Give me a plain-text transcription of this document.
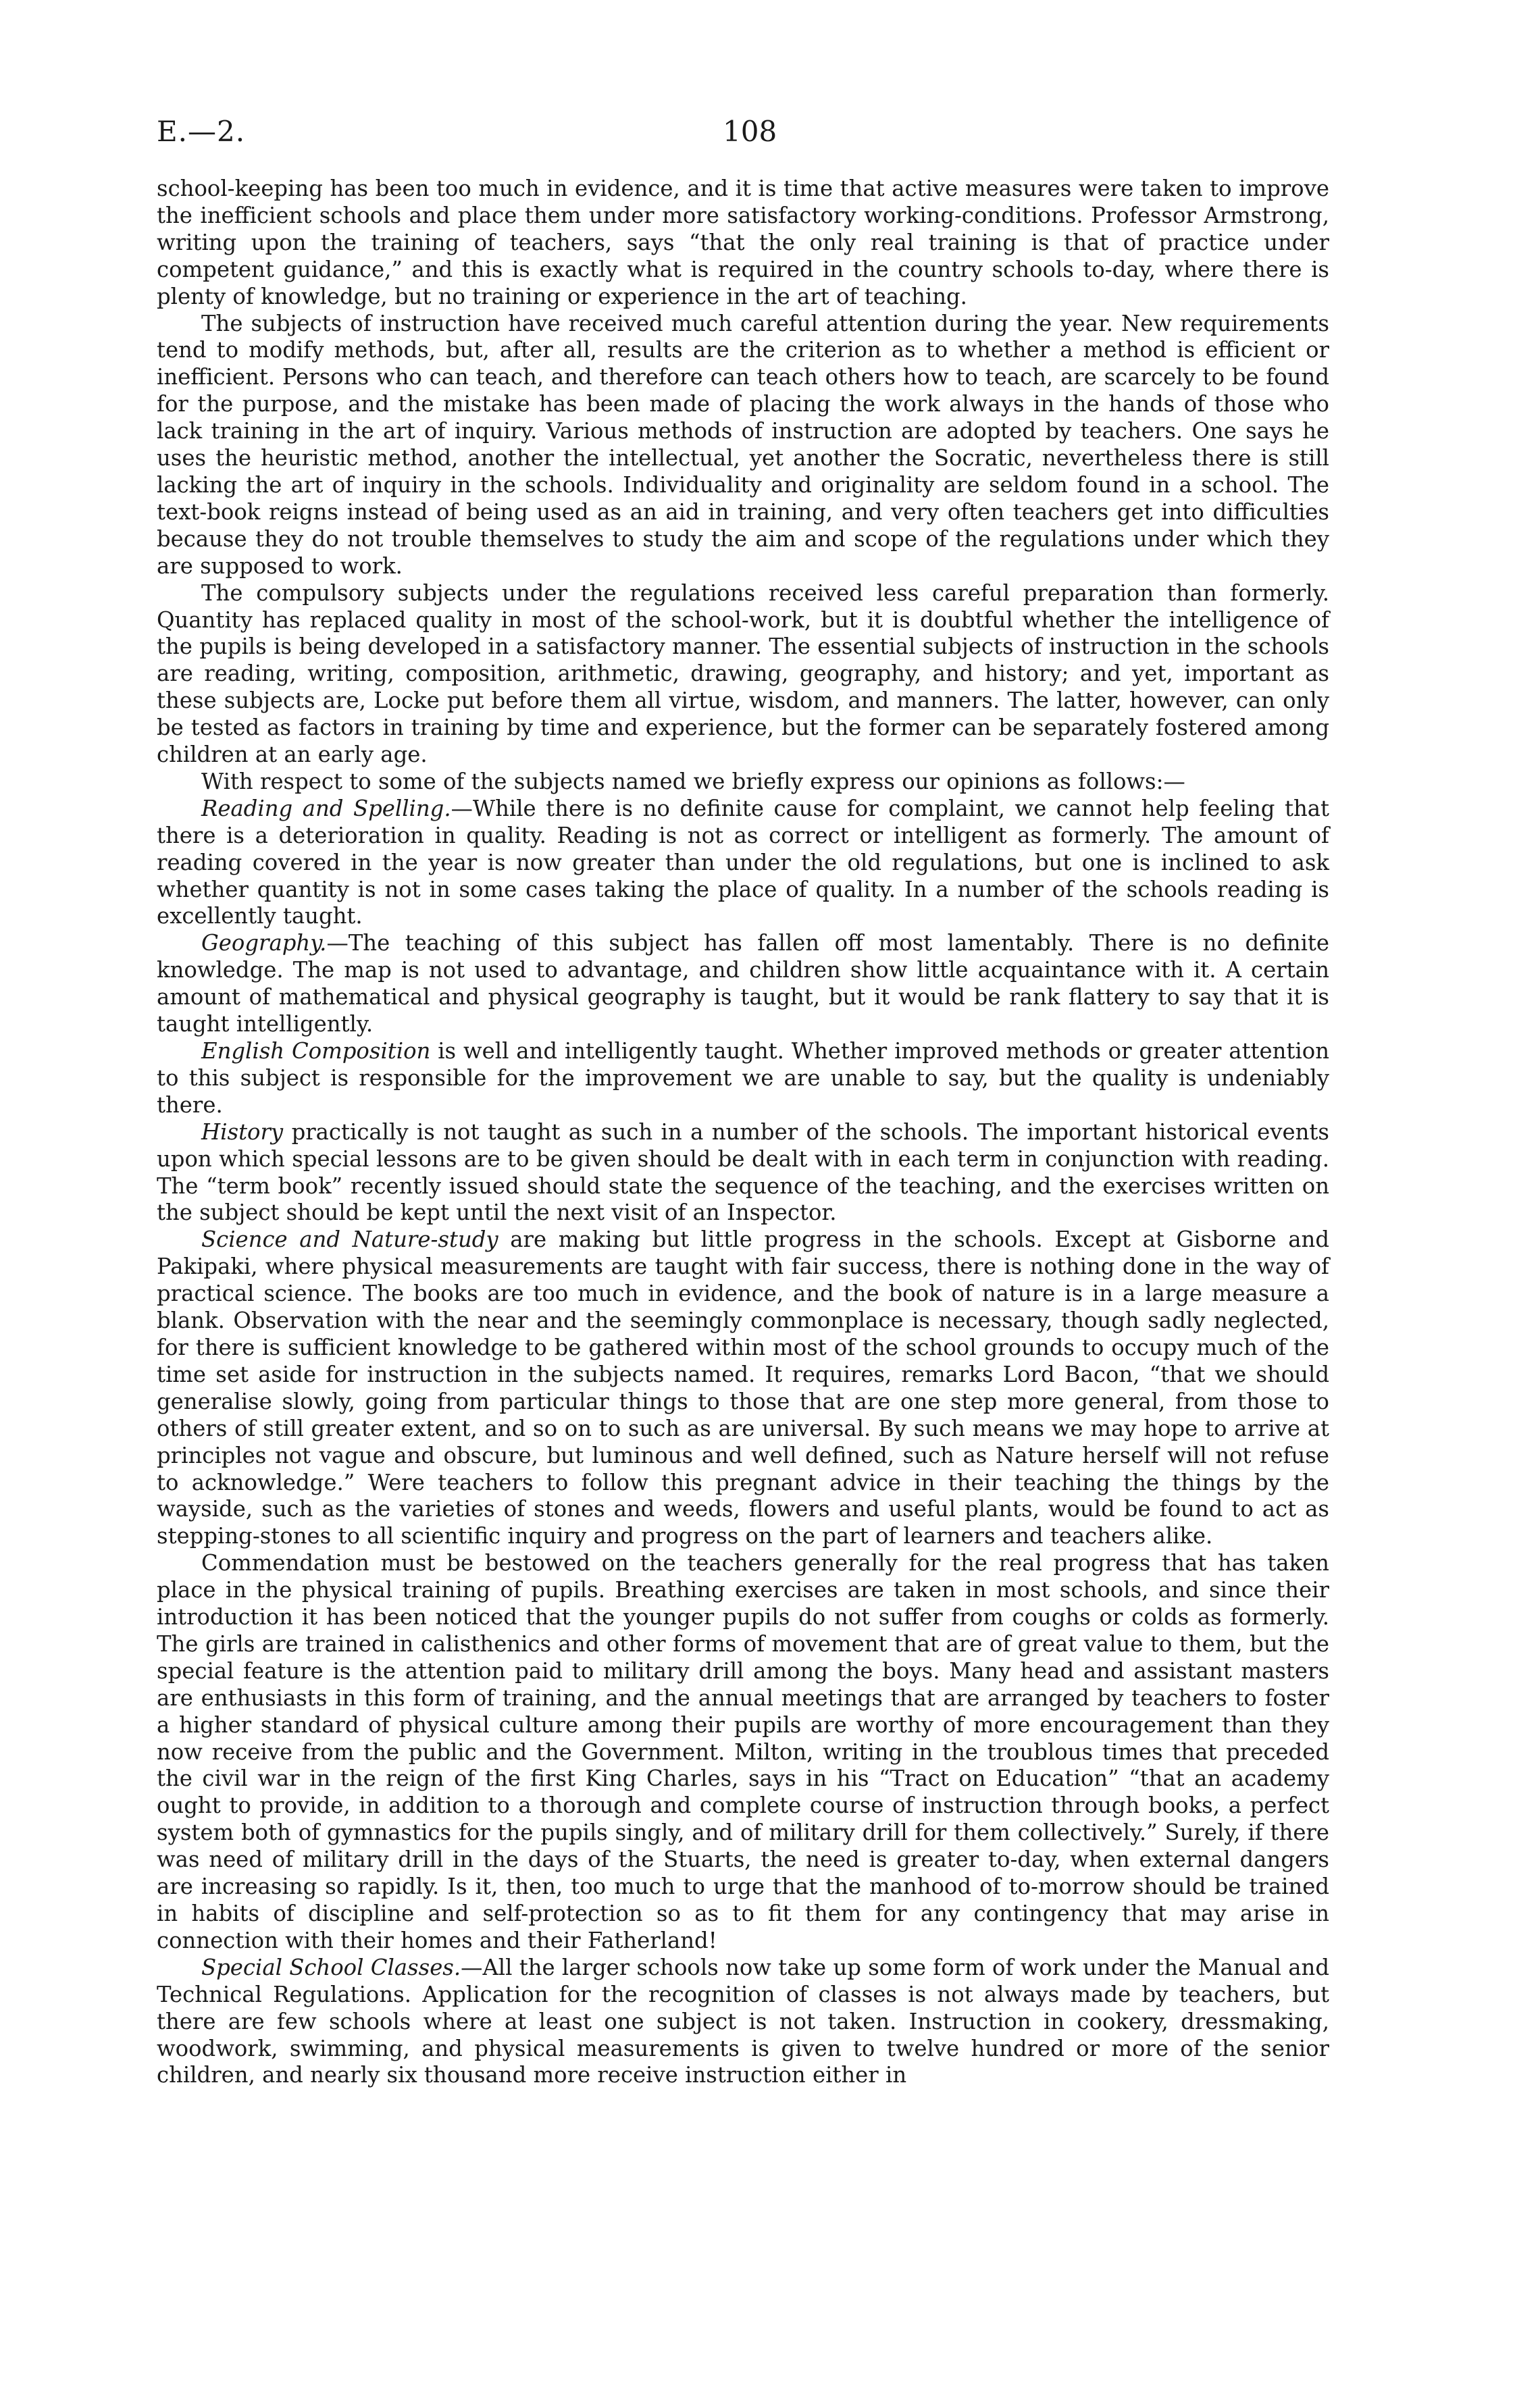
E.—2.	108

school-keeping has been too much in evidence, and it is time that active measures were taken to improve the inefficient schools and place them under more satisfactory working-conditions. Professor Armstrong, writing upon the training of teachers, says “that the only real training is that of practice under competent guidance,” and this is exactly what is required in the country schools to-day, where there is plenty of knowledge, but no training or experience in the art of teaching.

The subjects of instruction have received much careful attention during the year. New requirements tend to modify methods, but, after all, results are the criterion as to whether a method is efficient or inefficient. Persons who can teach, and therefore can teach others how to teach, are scarcely to be found for the purpose, and the mistake has been made of placing the work always in the hands of those who lack training in the art of inquiry. Various methods of instruction are adopted by teachers. One says he uses the heuristic method, another the intellectual, yet another the Socratic, nevertheless there is still lacking the art of inquiry in the schools. Individuality and originality are seldom found in a school. The text-book reigns instead of being used as an aid in training, and very often teachers get into difficulties because they do not trouble themselves to study the aim and scope of the regulations under which they are supposed to work.

The compulsory subjects under the regulations received less careful preparation than formerly. Quantity has replaced quality in most of the school-work, but it is doubtful whether the intelligence of the pupils is being developed in a satisfactory manner. The essential subjects of instruction in the schools are reading, writing, composition, arithmetic, drawing, geography, and history; and yet, important as these subjects are, Locke put before them all virtue, wisdom, and manners. The latter, however, can only be tested as factors in training by time and experience, but the former can be separately fostered among children at an early age.

With respect to some of the subjects named we briefly express our opinions as follows:—

Reading and Spelling.—While there is no definite cause for complaint, we cannot help feeling that there is a deterioration in quality. Reading is not as correct or intelligent as formerly. The amount of reading covered in the year is now greater than under the old regulations, but one is inclined to ask whether quantity is not in some cases taking the place of quality. In a number of the schools reading is excellently taught.

Geography.—The teaching of this subject has fallen off most lamentably. There is no definite knowledge. The map is not used to advantage, and children show little acquaintance with it. A certain amount of mathematical and physical geography is taught, but it would be rank flattery to say that it is taught intelligently.

English Composition is well and intelligently taught. Whether improved methods or greater attention to this subject is responsible for the improvement we are unable to say, but the quality is undeniably there.

History practically is not taught as such in a number of the schools. The important historical events upon which special lessons are to be given should be dealt with in each term in conjunction with reading. The “term book” recently issued should state the sequence of the teaching, and the exercises written on the subject should be kept until the next visit of an Inspector.

Science and Nature-study are making but little progress in the schools. Except at Gisborne and Pakipaki, where physical measurements are taught with fair success, there is nothing done in the way of practical science. The books are too much in evidence, and the book of nature is in a large measure a blank. Observation with the near and the seemingly commonplace is necessary, though sadly neglected, for there is sufficient knowledge to be gathered within most of the school grounds to occupy much of the time set aside for instruction in the subjects named. It requires, remarks Lord Bacon, “that we should generalise slowly, going from particular things to those that are one step more general, from those to others of still greater extent, and so on to such as are universal. By such means we may hope to arrive at principles not vague and obscure, but luminous and well defined, such as Nature herself will not refuse to acknowledge.” Were teachers to follow this pregnant advice in their teaching the things by the wayside, such as the varieties of stones and weeds, flowers and useful plants, would be found to act as stepping-stones to all scientific inquiry and progress on the part of learners and teachers alike.

Commendation must be bestowed on the teachers generally for the real progress that has taken place in the physical training of pupils. Breathing exercises are taken in most schools, and since their introduction it has been noticed that the younger pupils do not suffer from coughs or colds as formerly. The girls are trained in calisthenics and other forms of movement that are of great value to them, but the special feature is the attention paid to military drill among the boys. Many head and assistant masters are enthusiasts in this form of training, and the annual meetings that are arranged by teachers to foster a higher standard of physical culture among their pupils are worthy of more encouragement than they now receive from the public and the Government. Milton, writing in the troublous times that preceded the civil war in the reign of the first King Charles, says in his “Tract on Education” “that an academy ought to provide, in addition to a thorough and complete course of instruction through books, a perfect system both of gymnastics for the pupils singly, and of military drill for them collectively.” Surely, if there was need of military drill in the days of the Stuarts, the need is greater to-day, when external dangers are increasing so rapidly. Is it, then, too much to urge that the manhood of to-morrow should be trained in habits of discipline and self-protection so as to fit them for any contingency that may arise in connection with their homes and their Fatherland!

Special School Classes.—All the larger schools now take up some form of work under the Manual and Technical Regulations. Application for the recognition of classes is not always made by teachers, but there are few schools where at least one subject is not taken. Instruction in cookery, dressmaking, woodwork, swimming, and physical measurements is given to twelve hundred or more of the senior children, and nearly six thousand more receive instruction either in
